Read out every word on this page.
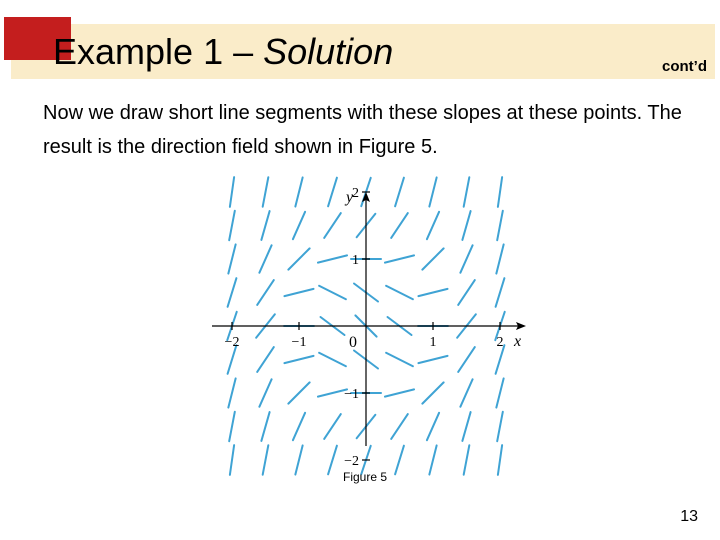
Example 1 – Solution	cont’d

Now we draw short line segments with these slopes at these points. The result is the direction field shown in Figure 5.

−2	−1	1	2
2
1
−1
−2
x
y
0
Figure 5
13
